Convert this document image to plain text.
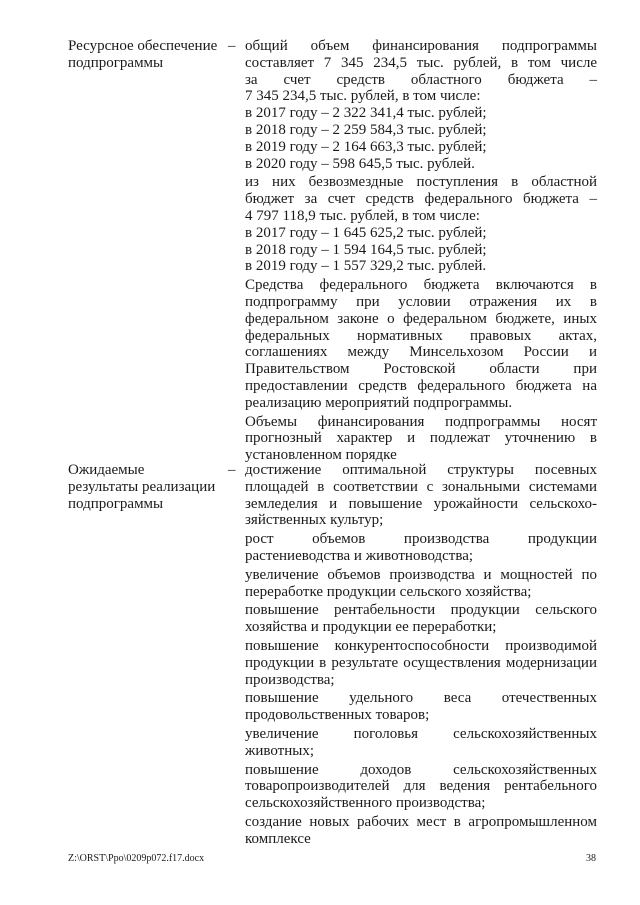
Ресурсное обеспечение
подпрограммы
– общий объем финансирования подпрограммы

составляет 7 345 234,5 тыс. рублей, в том числе

за счет средств областного бюджета –

7 345 234,5 тыс. рублей, в том числе:

в 2017 году – 2 322 341,4 тыс. рублей;

в 2018 году – 2 259 584,3 тыс. рублей;

в 2019 году – 2 164 663,3 тыс. рублей;

в 2020 году – 598 645,5 тыс. рублей.

из них безвозмездные поступления в областной

бюджет за счет средств федерального бюджета –

4 797 118,9 тыс. рублей, в том числе:

в 2017 году – 1 645 625,2 тыс. рублей;

в 2018 году – 1 594 164,5 тыс. рублей;

в 2019 году – 1 557 329,2 тыс. рублей.

Средства федерального бюджета включаются в

подпрограмму при условии отражения их в

федеральном законе о федеральном бюджете, иных

федеральных нормативных правовых актах,

соглашениях между Минсельхозом России и

Правительством Ростовской области при

предоставлении средств федерального бюджета на

реализацию мероприятий подпрограммы.

Объемы финансирования подпрограммы носят

прогнозный характер и подлежат уточнению в

установленном порядке

Ожидаемые
результаты реализации
подпрограммы
– достижение оптимальной структуры посевных

площадей в соответствии с зональными системами

земледелия и повышение урожайности сельскохо-

зяйственных культур;

рост объемов производства продукции

растениеводства и животноводства;

увеличение объемов производства и мощностей по

переработке продукции сельского хозяйства;

повышение рентабельности продукции сельского

хозяйства и продукции ее переработки;

повышение конкурентоспособности производимой

продукции в результате осуществления модернизации

производства;

повышение удельного веса отечественных

продовольственных товаров;

увеличение поголовья сельскохозяйственных

животных;

повышение доходов сельскохозяйственных

товаропроизводителей для ведения рентабельного

сельскохозяйственного производства;

создание новых рабочих мест в агропромышленном

комплексе

Z:\ORST\Ppo\0209p072.f17.docx	38
